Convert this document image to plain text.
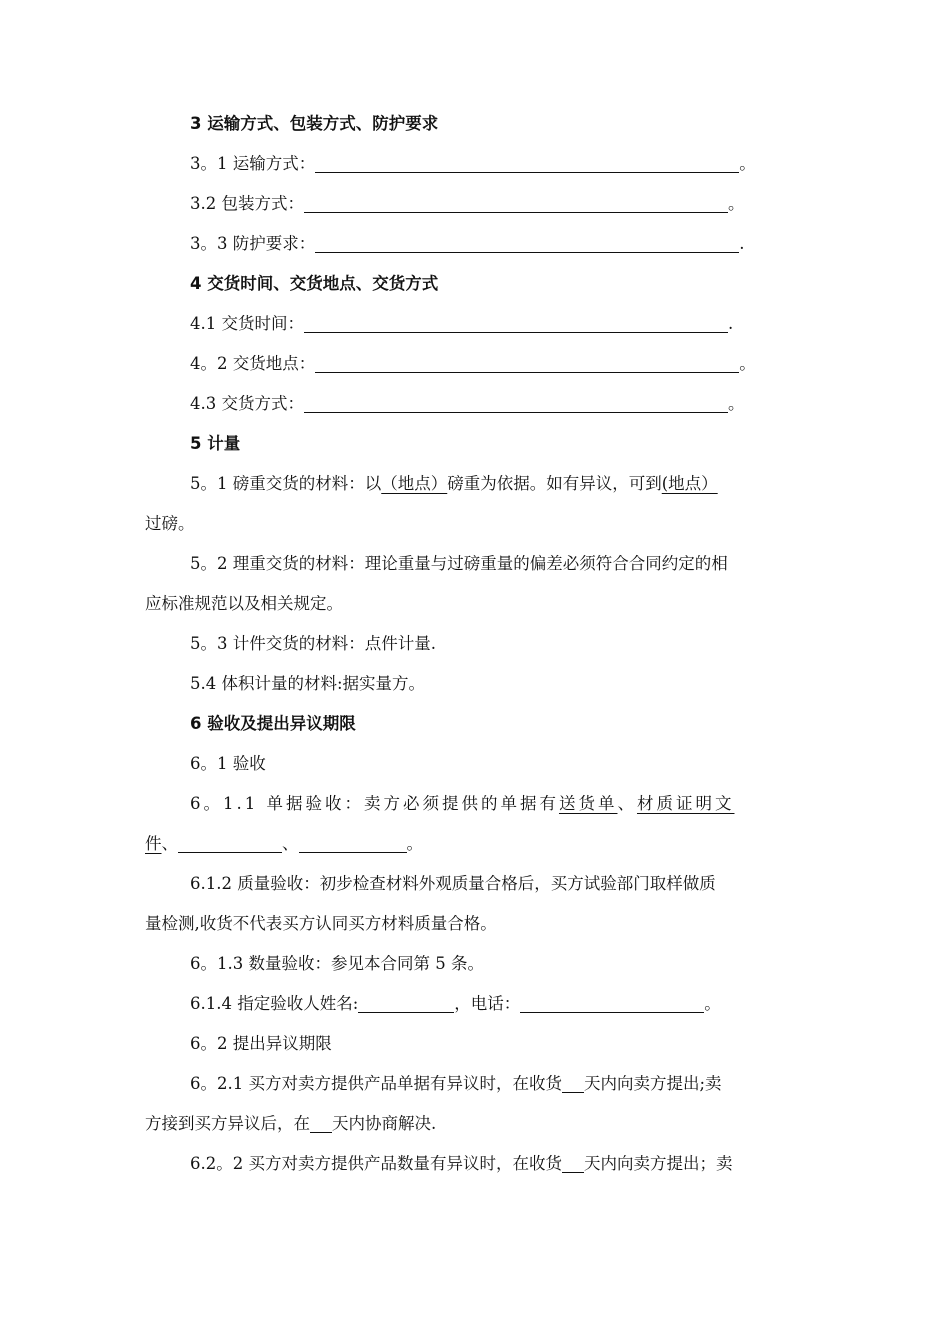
3 运输方式、包装方式、防护要求
3。1 运输方式：	。
3.2 包装方式：	。
3。3 防护要求：	.
4 交货时间、交货地点、交货方式
4.1 交货时间：	.
4。2 交货地点：	。
4.3 交货方式：	。
5 计量
5。1 磅重交货的材料：以（地点）磅重为依据。如有异议，可到(地点）
过磅。
5。2 理重交货的材料：理论重量与过磅重量的偏差必须符合合同约定的相
应标准规范以及相关规定。
5。3 计件交货的材料：点件计量.
5.4 体积计量的材料:据实量方。
6 验收及提出异议期限
6。1 验收
6。1.1 单据验收：卖方必须提供的单据有送货单、材质证明文
件、	、	。
6.1.2 质量验收：初步检查材料外观质量合格后，买方试验部门取样做质
量检测,收货不代表买方认同买方材料质量合格。
6。1.3 数量验收：参见本合同第 5 条。
6.1.4 指定验收人姓名:	，电话：	。
6。2 提出异议期限
6。2.1 买方对卖方提供产品单据有异议时，在收货 天内向卖方提出;卖
方接到买方异议后，在 天内协商解决.
6.2。2 买方对卖方提供产品数量有异议时，在收货 天内向卖方提出；卖
